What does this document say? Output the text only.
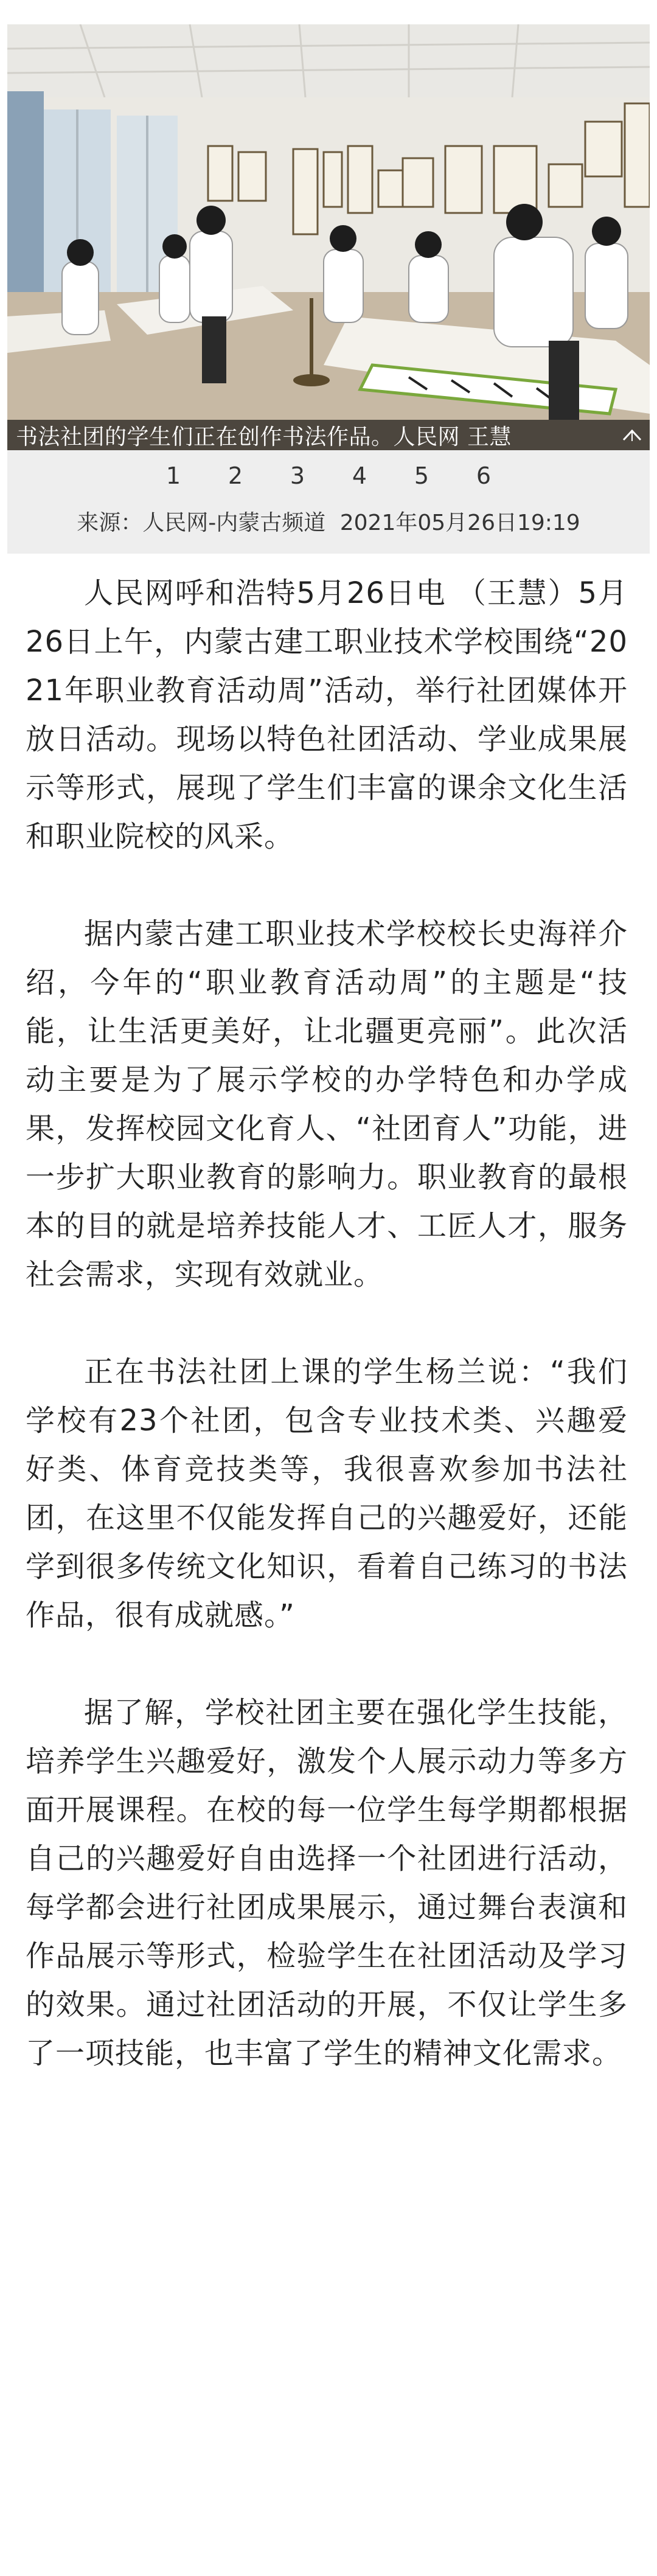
书法社团的学生们正在创作书法作品。人民网 王慧
1	2	3	4	5	6
来源：人民网-内蒙古频道 2021年05月26日19:19

人民网呼和浩特5月26日电 （王慧）5月26日上午，内蒙古建工职业技术学校围绕“2021年职业教育活动周”活动，举行社团媒体开放日活动。现场以特色社团活动、学业成果展示等形式，展现了学生们丰富的课余文化生活和职业院校的风采。

据内蒙古建工职业技术学校校长史海祥介绍，今年的“职业教育活动周”的主题是“技能，让生活更美好，让北疆更亮丽”。此次活动主要是为了展示学校的办学特色和办学成果，发挥校园文化育人、“社团育人”功能，进一步扩大职业教育的影响力。职业教育的最根本的目的就是培养技能人才、工匠人才，服务社会需求，实现有效就业。

正在书法社团上课的学生杨兰说：“我们学校有23个社团，包含专业技术类、兴趣爱好类、体育竞技类等，我很喜欢参加书法社团，在这里不仅能发挥自己的兴趣爱好，还能学到很多传统文化知识，看着自己练习的书法作品，很有成就感。”

据了解，学校社团主要在强化学生技能，培养学生兴趣爱好，激发个人展示动力等多方面开展课程。在校的每一位学生每学期都根据自己的兴趣爱好自由选择一个社团进行活动，每学都会进行社团成果展示，通过舞台表演和作品展示等形式，检验学生在社团活动及学习的效果。通过社团活动的开展，不仅让学生多了一项技能，也丰富了学生的精神文化需求。
